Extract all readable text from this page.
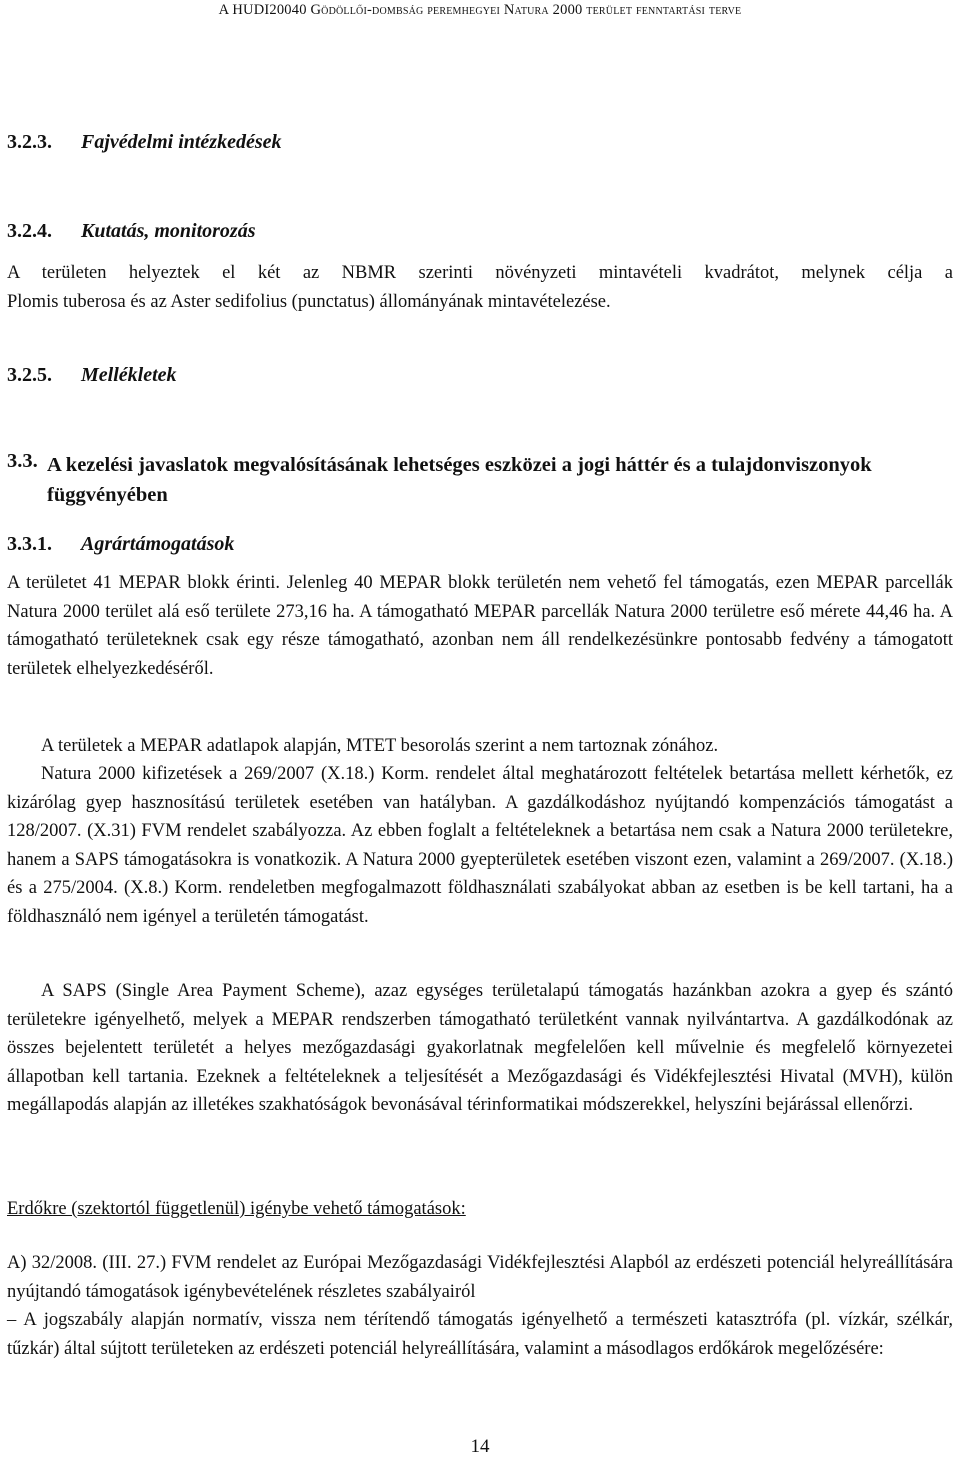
A HUDI20040 Gödöllői-dombság peremhegyei Natura 2000 terület fenntartási terve
3.2.3. Fajvédelmi intézkedések
3.2.4. Kutatás, monitorozás

A területen helyeztek el két az NBMR szerinti növényzeti mintavételi kvadrátot, melynek célja a

Plomis tuberosa és az Aster sedifolius (punctatus) állományának mintavételezése.

3.2.5. Mellékletek
3.3. A kezelési javaslatok megvalósításának lehetséges eszközei a jogi háttér és a tulajdonviszonyok függvényében
3.3.1. Agrártámogatások

A területet 41 MEPAR blokk érinti. Jelenleg 40 MEPAR blokk területén nem vehető fel támogatás, ezen MEPAR parcellák Natura 2000 terület alá eső területe 273,16 ha. A támogatható MEPAR parcellák Natura 2000 területre eső mérete 44,46 ha. A támogatható területeknek csak egy része támogatható, azonban nem áll rendelkezésünkre pontosabb fedvény a támogatott területek elhelyezkedéséről.

A területek a MEPAR adatlapok alapján, MTET besorolás szerint a nem tartoznak zónához.

Natura 2000 kifizetések a 269/2007 (X.18.) Korm. rendelet által meghatározott feltételek betartása mellett kérhetők, ez kizárólag gyep hasznosítású területek esetében van hatályban. A gazdálkodáshoz nyújtandó kompenzációs támogatást a 128/2007. (X.31) FVM rendelet szabályozza. Az ebben foglalt a feltételeknek a betartása nem csak a Natura 2000 területekre, hanem a SAPS támogatásokra is vonatkozik. A Natura 2000 gyepterületek esetében viszont ezen, valamint a 269/2007. (X.18.) és a 275/2004. (X.8.) Korm. rendeletben megfogalmazott földhasználati szabályokat abban az esetben is be kell tartani, ha a földhasználó nem igényel a területén támogatást.

A SAPS (Single Area Payment Scheme), azaz egységes területalapú támogatás hazánkban azokra a gyep és szántó területekre igényelhető, melyek a MEPAR rendszerben támogatható területként vannak nyilvántartva. A gazdálkodónak az összes bejelentett területét a helyes mezőgazdasági gyakorlatnak megfelelően kell művelnie és megfelelő környezetei állapotban kell tartania. Ezeknek a feltételeknek a teljesítését a Mezőgazdasági és Vidékfejlesztési Hivatal (MVH), külön megállapodás alapján az illetékes szakhatóságok bevonásával térinformatikai módszerekkel, helyszíni bejárással ellenőrzi.

Erdőkre (szektortól függetlenül) igénybe vehető támogatások:

A) 32/2008. (III. 27.) FVM rendelet az Európai Mezőgazdasági Vidékfejlesztési Alapból az erdészeti potenciál helyreállítására nyújtandó támogatások igénybevételének részletes szabályairól

– A jogszabály alapján normatív, vissza nem térítendő támogatás igényelhető a természeti katasztrófa (pl. vízkár, szélkár, tűzkár) által sújtott területeken az erdészeti potenciál helyreállítására, valamint a másodlagos erdőkárok megelőzésére:

14
